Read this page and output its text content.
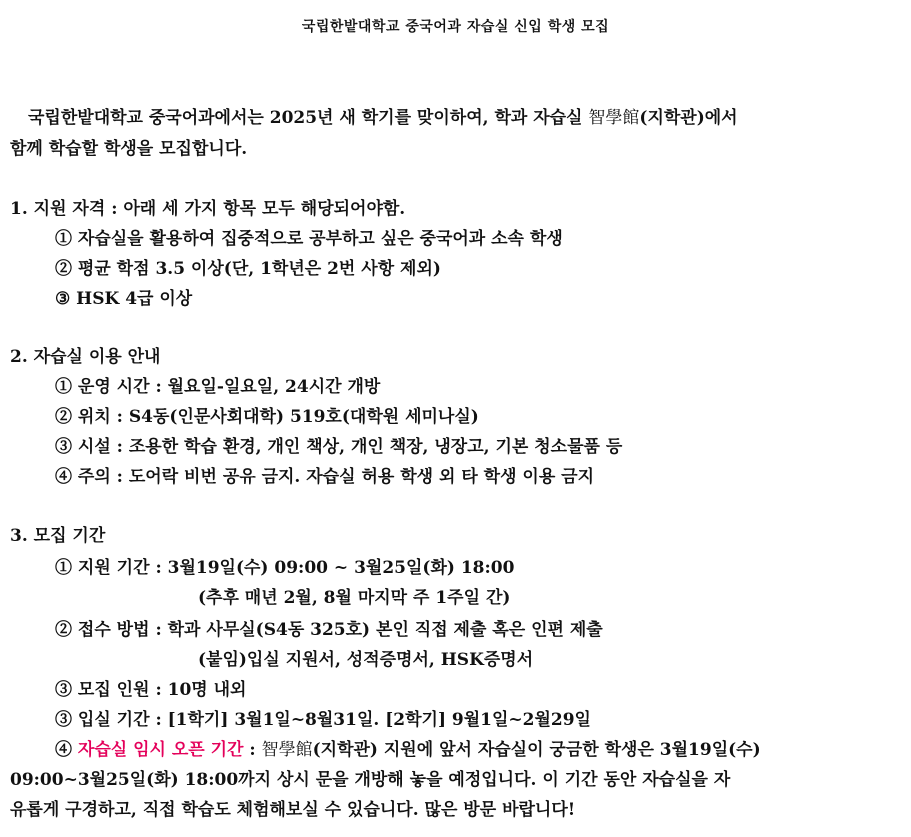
국립한밭대학교 중국어과 자습실 신입 학생 모집
국립한밭대학교 중국어과에서는 2025년 새 학기를 맞이하여, 학과 자습실 智學館(지학관)에서
함께 학습할 학생을 모집합니다.
1. 지원 자격 : 아래 세 가지 항목 모두 해당되어야함.
① 자습실을 활용하여 집중적으로 공부하고 싶은 중국어과 소속 학생
② 평균 학점 3.5 이상(단, 1학년은 2번 사항 제외)
③ HSK 4급 이상
2. 자습실 이용 안내
① 운영 시간 : 월요일-일요일, 24시간 개방
② 위치 : S4동(인문사회대학) 519호(대학원 세미나실)
③ 시설 : 조용한 학습 환경, 개인 책상, 개인 책장, 냉장고, 기본 청소물품 등
④ 주의 : 도어락 비번 공유 금지. 자습실 허용 학생 외 타 학생 이용 금지
3. 모집 기간
① 지원 기간 : 3월19일(수) 09:00 ~ 3월25일(화) 18:00
(추후 매년 2월, 8월 마지막 주 1주일 간)
② 접수 방법 : 학과 사무실(S4동 325호) 본인 직접 제출 혹은 인편 제출
(붙임)입실 지원서, 성적증명서, HSK증명서
③ 모집 인원 : 10명 내외
③ 입실 기간 : [1학기] 3월1일~8월31일. [2학기] 9월1일~2월29일
④ 자습실 임시 오픈 기간 : 智學館(지학관) 지원에 앞서 자습실이 궁금한 학생은 3월19일(수)
09:00~3월25일(화) 18:00까지 상시 문을 개방해 놓을 예정입니다. 이 기간 동안 자습실을 자
유롭게 구경하고, 직접 학습도 체험해보실 수 있습니다. 많은 방문 바랍니다!
